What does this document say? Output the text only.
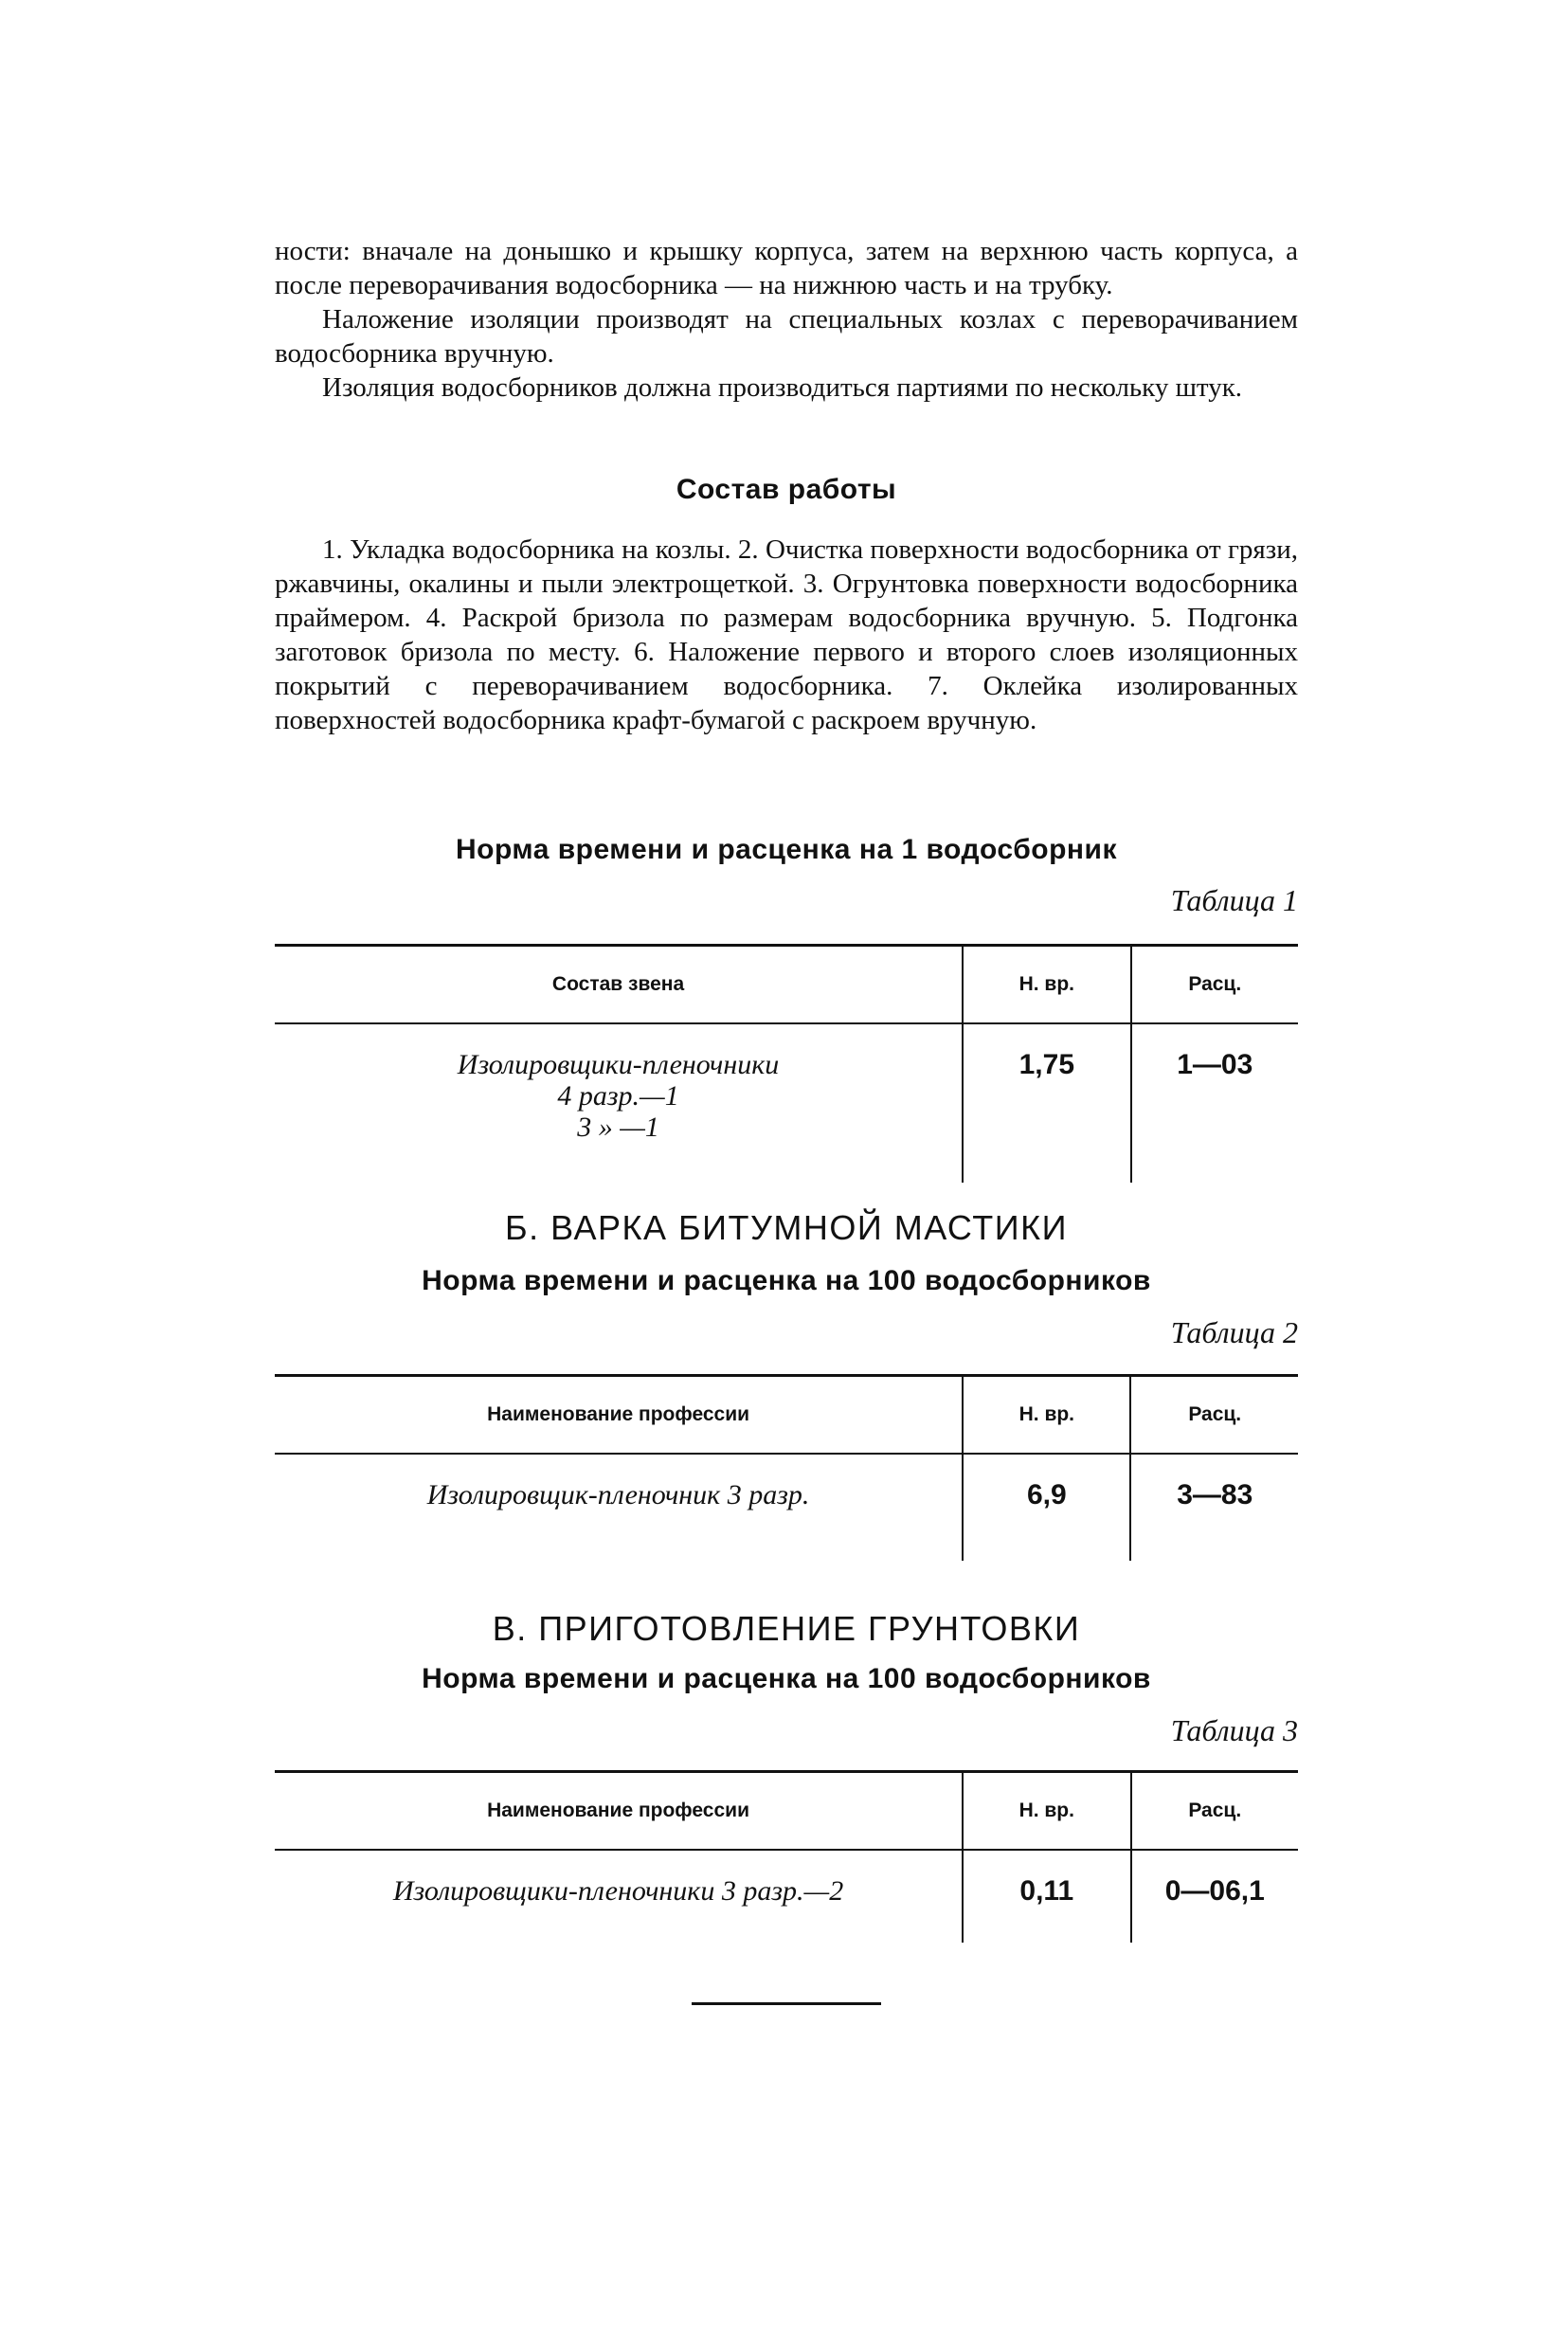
ности: вначале на донышко и крышку корпуса, затем на верхнюю часть корпуса, а после переворачивания водосборника — на нижнюю часть и на трубку.

Наложение изоляции производят на специальных козлах с переворачиванием водосборника вручную.

Изоляция водосборников должна производиться партиями по нескольку штук.

Состав работы

1. Укладка водосборника на козлы. 2. Очистка поверхности водосборника от грязи, ржавчины, окалины и пыли электрощеткой. 3. Огрунтовка поверхности водосборника праймером. 4. Раскрой бризола по размерам водосборника вручную. 5. Подгонка заготовок бризола по месту. 6. Наложение первого и второго слоев изоляционных покрытий с переворачиванием водосборника. 7. Оклейка изолированных поверхностей водосборника крафт-бумагой с раскроем вручную.

Норма времени и расценка на 1 водосборник

Таблица 1

Состав звена	Н. вр.	Расц.

Изолировщики-пленочники
4 разр.—1
3 » —1	1,75	1—03

Б. ВАРКА БИТУМНОЙ МАСТИКИ

Норма времени и расценка на 100 водосборников

Таблица 2

Наименование профессии	Н. вр.	Расц.
Изолировщик-пленочник 3 разр.	6,9	3—83

В. ПРИГОТОВЛЕНИЕ ГРУНТОВКИ

Норма времени и расценка на 100 водосборников

Таблица 3

Наименование профессии	Н. вр.	Расц.
Изолировщики-пленочники 3 разр.—2	0,11	0—06,1
